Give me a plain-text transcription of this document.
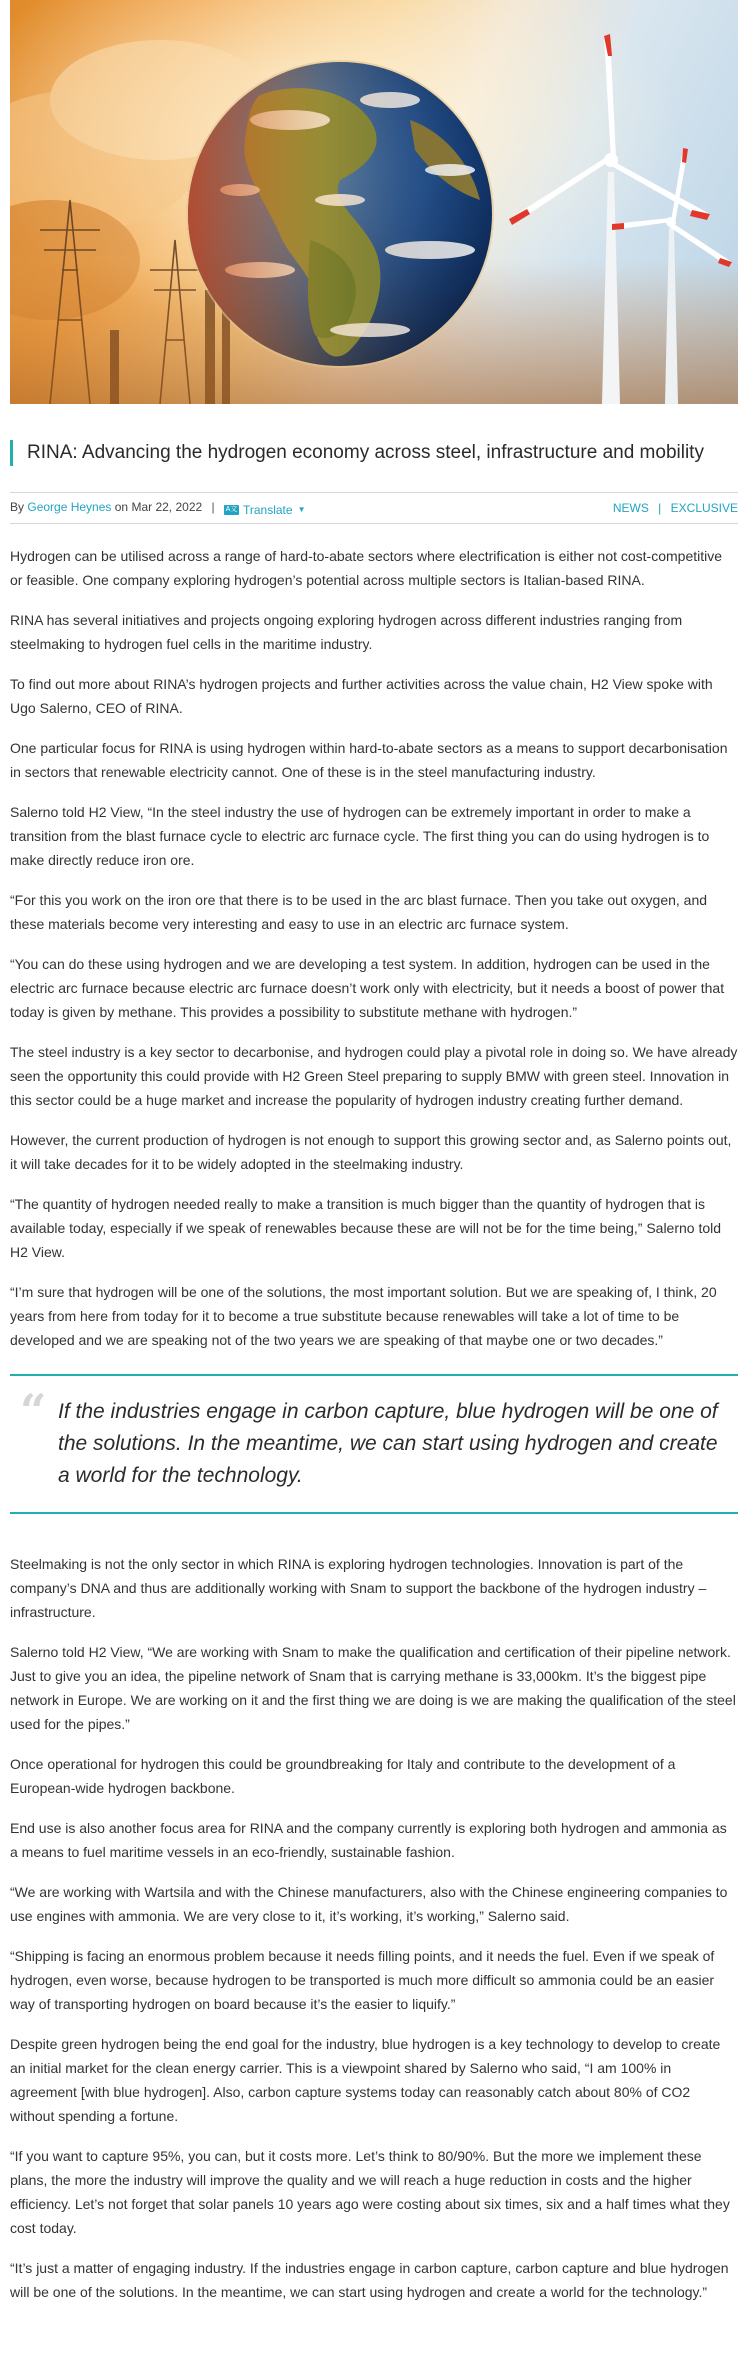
RINA: Advancing the hydrogen economy across steel, infrastructure and mobility
By George Heynes on Mar 22, 2022 | A文 Translate ▼	NEWS | EXCLUSIVE

Hydrogen can be utilised across a range of hard-to-abate sectors where electrification is either not cost-competitive or feasible. One company exploring hydrogen’s potential across multiple sectors is Italian-based RINA.

RINA has several initiatives and projects ongoing exploring hydrogen across different industries ranging from steelmaking to hydrogen fuel cells in the maritime industry.

To find out more about RINA’s hydrogen projects and further activities across the value chain, H2 View spoke with Ugo Salerno, CEO of RINA.

One particular focus for RINA is using hydrogen within hard-to-abate sectors as a means to support decarbonisation in sectors that renewable electricity cannot. One of these is in the steel manufacturing industry.

Salerno told H2 View, “In the steel industry the use of hydrogen can be extremely important in order to make a transition from the blast furnace cycle to electric arc furnace cycle. The first thing you can do using hydrogen is to make directly reduce iron ore.

“For this you work on the iron ore that there is to be used in the arc blast furnace. Then you take out oxygen, and these materials become very interesting and easy to use in an electric arc furnace system.

“You can do these using hydrogen and we are developing a test system. In addition, hydrogen can be used in the electric arc furnace because electric arc furnace doesn’t work only with electricity, but it needs a boost of power that today is given by methane. This provides a possibility to substitute methane with hydrogen.”

The steel industry is a key sector to decarbonise, and hydrogen could play a pivotal role in doing so. We have already seen the opportunity this could provide with H2 Green Steel preparing to supply BMW with green steel. Innovation in this sector could be a huge market and increase the popularity of hydrogen industry creating further demand.

However, the current production of hydrogen is not enough to support this growing sector and, as Salerno points out, it will take decades for it to be widely adopted in the steelmaking industry.

“The quantity of hydrogen needed really to make a transition is much bigger than the quantity of hydrogen that is available today, especially if we speak of renewables because these are will not be for the time being,” Salerno told H2 View.

“I’m sure that hydrogen will be one of the solutions, the most important solution. But we are speaking of, I think, 20 years from here from today for it to become a true substitute because renewables will take a lot of time to be developed and we are speaking not of the two years we are speaking of that maybe one or two decades.”

“ If the industries engage in carbon capture, blue hydrogen will be one of the solutions. In the meantime, we can start using hydrogen and create a world for the technology.

Steelmaking is not the only sector in which RINA is exploring hydrogen technologies. Innovation is part of the company’s DNA and thus are additionally working with Snam to support the backbone of the hydrogen industry – infrastructure.

Salerno told H2 View, “We are working with Snam to make the qualification and certification of their pipeline network. Just to give you an idea, the pipeline network of Snam that is carrying methane is 33,000km. It’s the biggest pipe network in Europe. We are working on it and the first thing we are doing is we are making the qualification of the steel used for the pipes.”

Once operational for hydrogen this could be groundbreaking for Italy and contribute to the development of a European-wide hydrogen backbone.

End use is also another focus area for RINA and the company currently is exploring both hydrogen and ammonia as a means to fuel maritime vessels in an eco-friendly, sustainable fashion.

“We are working with Wartsila and with the Chinese manufacturers, also with the Chinese engineering companies to use engines with ammonia. We are very close to it, it’s working, it’s working,” Salerno said.

“Shipping is facing an enormous problem because it needs filling points, and it needs the fuel. Even if we speak of hydrogen, even worse, because hydrogen to be transported is much more difficult so ammonia could be an easier way of transporting hydrogen on board because it’s the easier to liquify.”

Despite green hydrogen being the end goal for the industry, blue hydrogen is a key technology to develop to create an initial market for the clean energy carrier. This is a viewpoint shared by Salerno who said, “I am 100% in agreement [with blue hydrogen]. Also, carbon capture systems today can reasonably catch about 80% of CO2 without spending a fortune.

“If you want to capture 95%, you can, but it costs more. Let’s think to 80/90%. But the more we implement these plans, the more the industry will improve the quality and we will reach a huge reduction in costs and the higher efficiency. Let’s not forget that solar panels 10 years ago were costing about six times, six and a half times what they cost today.

“It’s just a matter of engaging industry. If the industries engage in carbon capture, carbon capture and blue hydrogen will be one of the solutions. In the meantime, we can start using hydrogen and create a world for the technology.”
